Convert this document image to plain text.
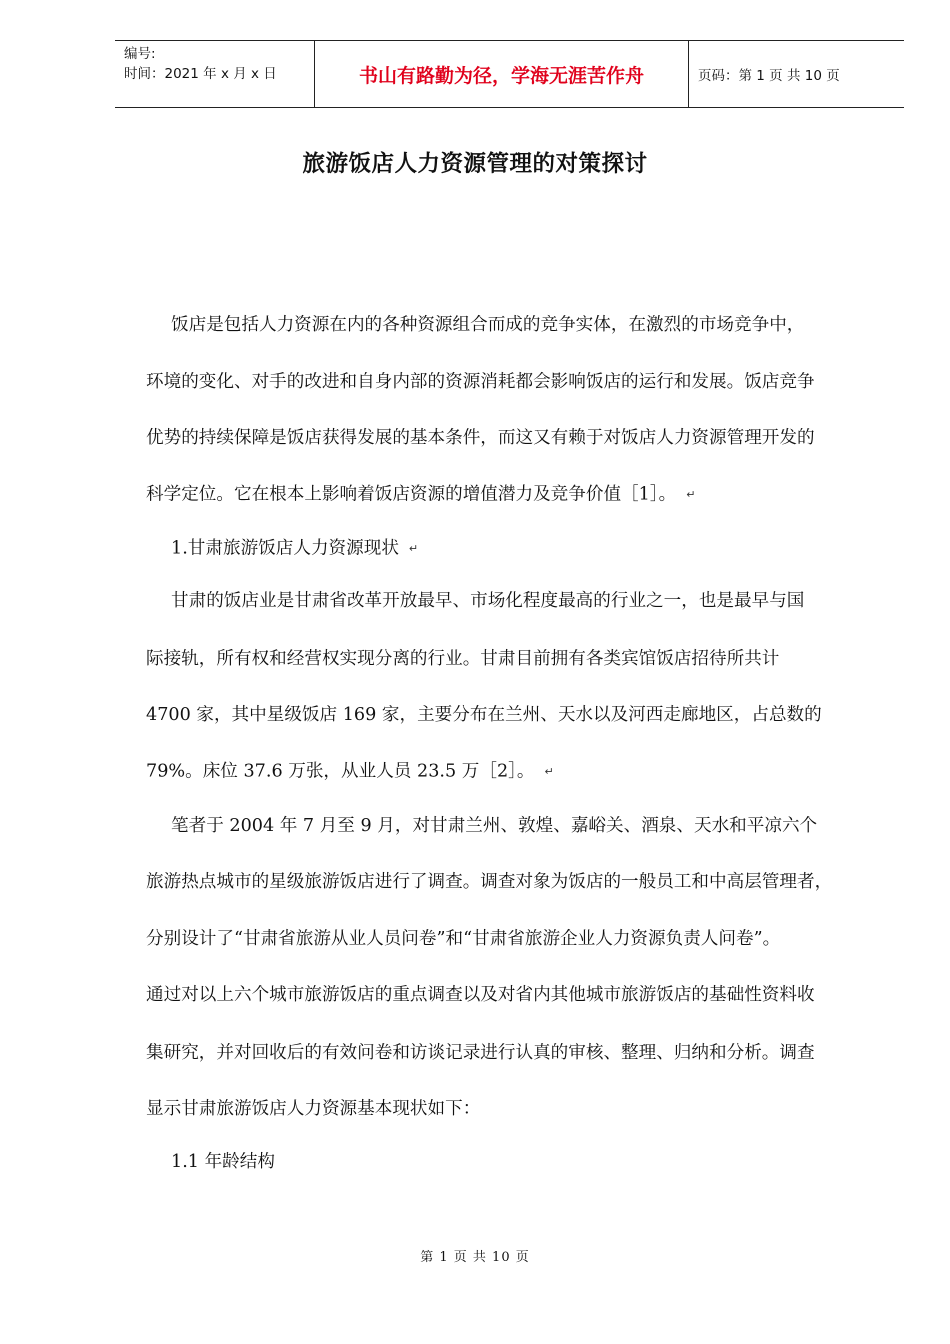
编号:
时间：2021 年 x 月 x 日	书山有路勤为径，学海无涯苦作舟	页码：第 1 页 共 10 页
旅游饭店人力资源管理的对策探讨
饭店是包括人力资源在内的各种资源组合而成的竞争实体，在激烈的市场竞争中，
环境的变化、对手的改进和自身内部的资源消耗都会影响饭店的运行和发展。饭店竞争
优势的持续保障是饭店获得发展的基本条件，而这又有赖于对饭店人力资源管理开发的
科学定位。它在根本上影响着饭店资源的增值潜力及竞争价值［1］。 ↵
1.甘肃旅游饭店人力资源现状 ↵
甘肃的饭店业是甘肃省改革开放最早、市场化程度最高的行业之一，也是最早与国
际接轨，所有权和经营权实现分离的行业。甘肃目前拥有各类宾馆饭店招待所共计
4700 家，其中星级饭店 169 家，主要分布在兰州、天水以及河西走廊地区，占总数的
79%。床位 37.6 万张，从业人员 23.5 万［2］。 ↵
笔者于 2004 年 7 月至 9 月，对甘肃兰州、敦煌、嘉峪关、酒泉、天水和平凉六个
旅游热点城市的星级旅游饭店进行了调查。调查对象为饭店的一般员工和中高层管理者，
分别设计了“甘肃省旅游从业人员问卷”和“甘肃省旅游企业人力资源负责人问卷”。
通过对以上六个城市旅游饭店的重点调查以及对省内其他城市旅游饭店的基础性资料收
集研究，并对回收后的有效问卷和访谈记录进行认真的审核、整理、归纳和分析。调查
显示甘肃旅游饭店人力资源基本现状如下：
1.1 年龄结构
第 1 页 共 10 页
